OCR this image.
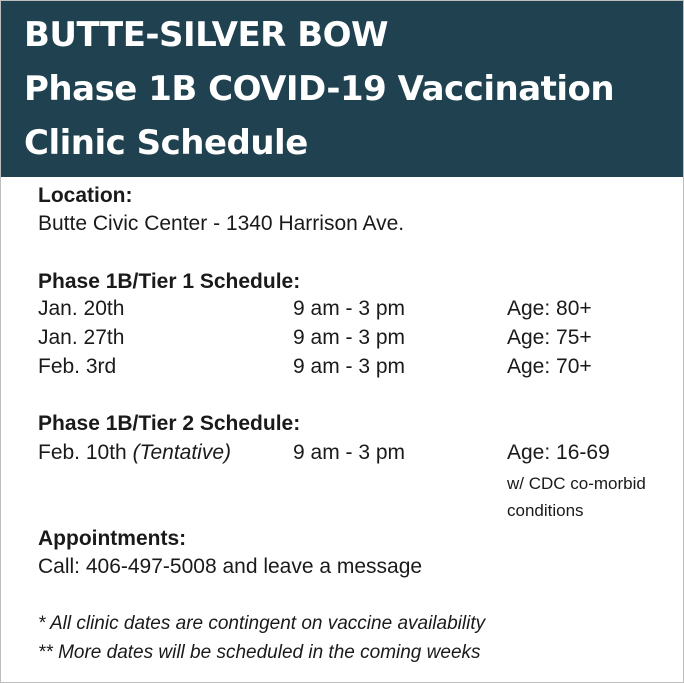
BUTTE-SILVER BOW
Phase 1B COVID-19 Vaccination
Clinic Schedule
Location:
Butte Civic Center - 1340 Harrison Ave.
Phase 1B/Tier 1 Schedule:
Jan. 20th	9 am - 3 pm	Age: 80+
Jan. 27th	9 am - 3 pm	Age: 75+
Feb. 3rd	9 am - 3 pm	Age: 70+
Phase 1B/Tier 2 Schedule:
Feb. 10th (Tentative)	9 am - 3 pm	Age: 16-69
w/ CDC co-morbid
conditions
Appointments:
Call: 406-497-5008 and leave a message
* All clinic dates are contingent on vaccine availability
** More dates will be scheduled in the coming weeks
